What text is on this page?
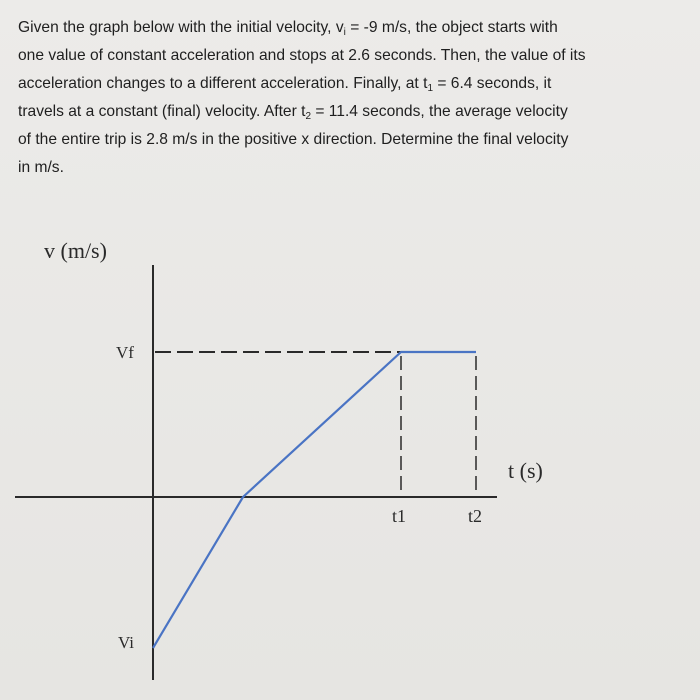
Given the graph below with the initial velocity, $v_i = -9$ m/s, the object starts with
one value of constant acceleration and stops at 2.6 seconds. Then, the value of its
acceleration changes to a different acceleration. Finally, at $t_1 = 6.4$ seconds, it
travels at a constant (final) velocity. After $t_2 = 11.4$ seconds, the average velocity
of the entire trip is 2.8 m/s in the positive x direction. Determine the final velocity
in m/s.
v (m/s)
t (s)
Vf
Vi
t1	t2
